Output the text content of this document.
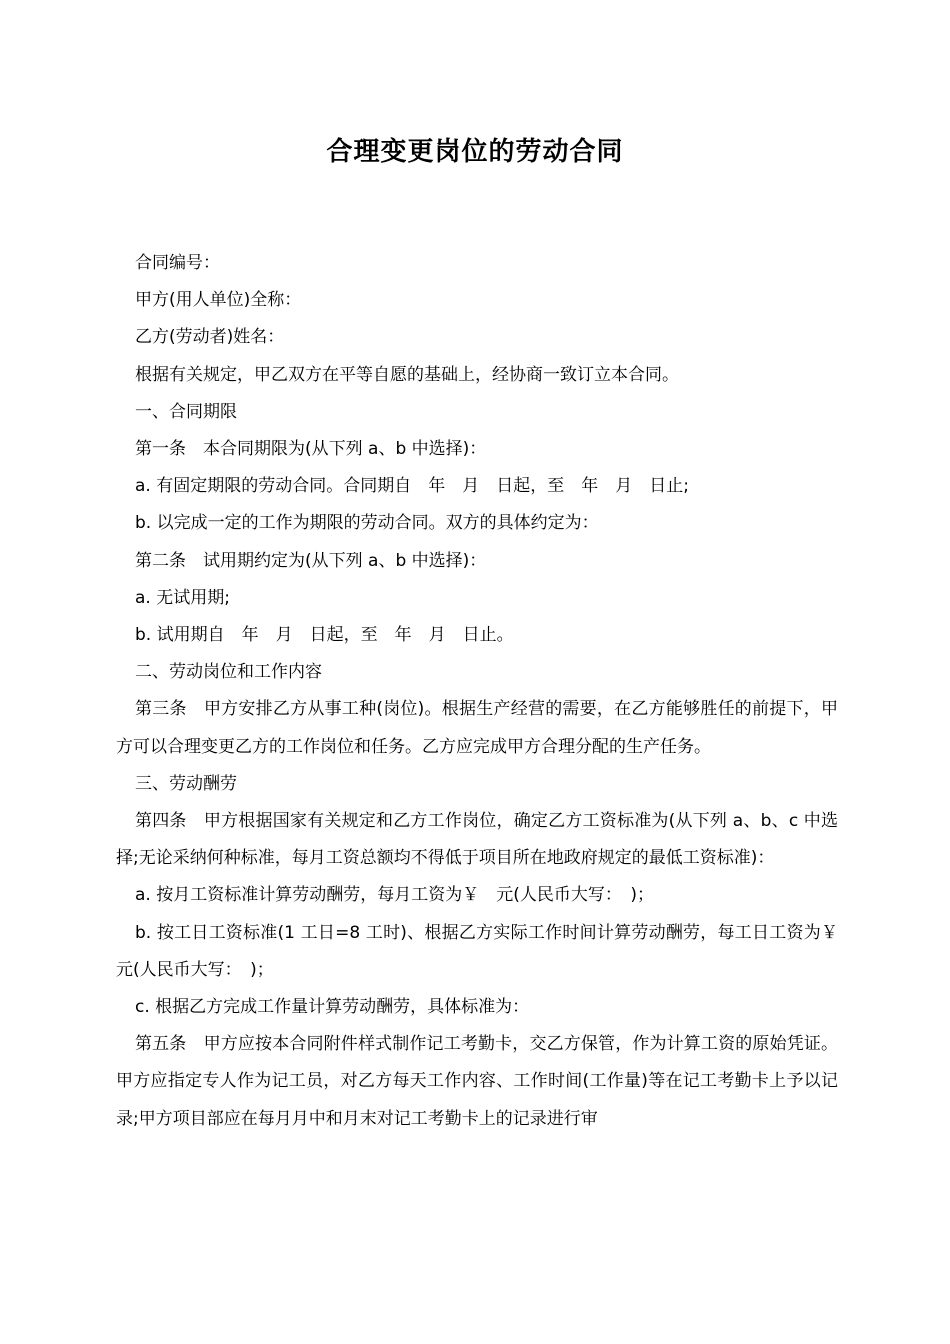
合理变更岗位的劳动合同

合同编号：

甲方(用人单位)全称：

乙方(劳动者)姓名：

根据有关规定，甲乙双方在平等自愿的基础上，经协商一致订立本合同。

一、合同期限

第一条　本合同期限为(从下列 a、b 中选择)：

a. 有固定期限的劳动合同。合同期自　年　月　日起，至　年　月　日止;

b. 以完成一定的工作为期限的劳动合同。双方的具体约定为：

第二条　试用期约定为(从下列 a、b 中选择)：

a. 无试用期;

b. 试用期自　年　月　日起，至　年　月　日止。

二、劳动岗位和工作内容

第三条　甲方安排乙方从事工种(岗位)。根据生产经营的需要，在乙方能够胜任的前提下，甲方可以合理变更乙方的工作岗位和任务。乙方应完成甲方合理分配的生产任务。

三、劳动酬劳

第四条　甲方根据国家有关规定和乙方工作岗位，确定乙方工资标准为(从下列 a、b、c 中选择;无论采纳何种标准，每月工资总额均不得低于项目所在地政府规定的最低工资标准)：

a. 按月工资标准计算劳动酬劳，每月工资为￥　元(人民币大写：　)；

b. 按工日工资标准(1 工日=8 工时)、根据乙方实际工作时间计算劳动酬劳，每工日工资为￥　元(人民币大写：　)；

c. 根据乙方完成工作量计算劳动酬劳，具体标准为：

第五条　甲方应按本合同附件样式制作记工考勤卡，交乙方保管，作为计算工资的原始凭证。甲方应指定专人作为记工员，对乙方每天工作内容、工作时间(工作量)等在记工考勤卡上予以记录;甲方项目部应在每月月中和月末对记工考勤卡上的记录进行审
